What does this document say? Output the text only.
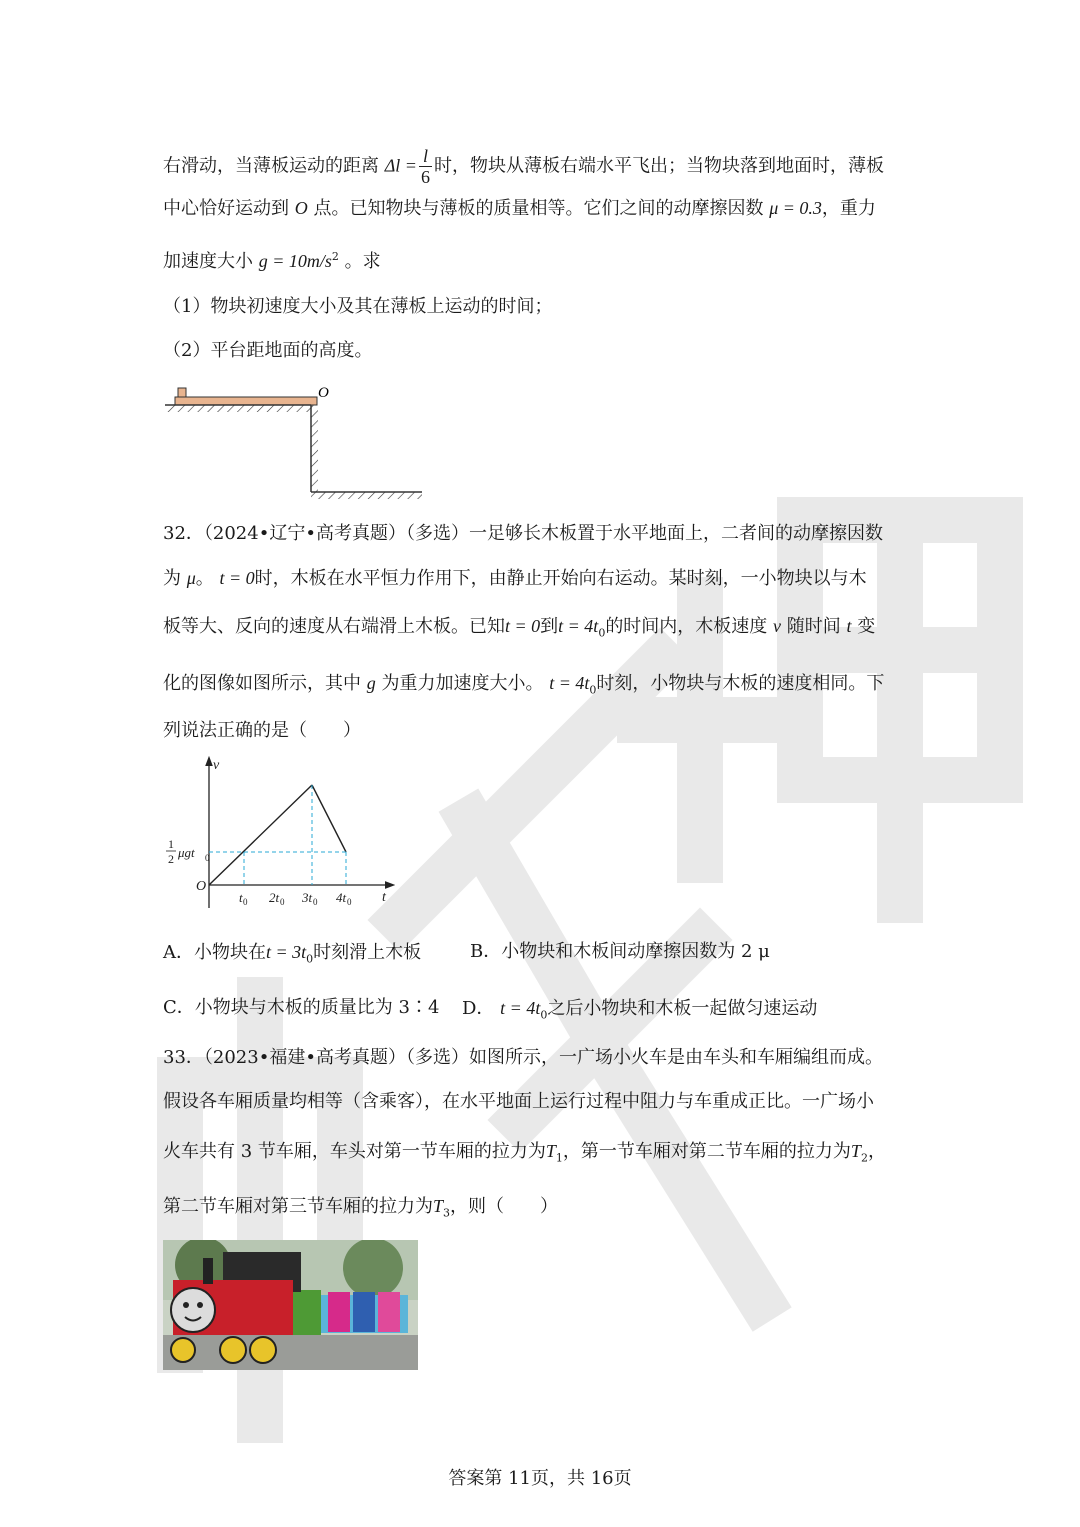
右滑动，当薄板运动的距离 $\Delta l = \frac{l}{6}$ 时，物块从薄板右端水平飞出；当物块落到地面时，薄板
中心恰好运动到 O 点。已知物块与薄板的质量相等。它们之间的动摩擦因数 μ = 0.3，重力
加速度大小 $g = 10m/s^2$ 。求
（1）物块初速度大小及其在薄板上运动的时间；
（2）平台距地面的高度。
O
32．（2024•辽宁•高考真题）（多选）一足够长木板置于水平地面上，二者间的动摩擦因数
为 μ。 t = 0时，木板在水平恒力作用下，由静止开始向右运动。某时刻，一小物块以与木
板等大、反向的速度从右端滑上木板。已知t = 0到$t = 4t_0$的时间内，木板速度 v 随时间 t 变
化的图像如图所示，其中 g 为重力加速度大小。 $t = 4t_0$时刻，小物块与木板的速度相同。下
列说法正确的是（　　）
v
t
O
1
2 μgt 0
t 0 2t 0 3t 0 4t 0
A．小物块在$t = 3t_0$时刻滑上木板	B．小物块和木板间动摩擦因数为 2 μ
C．小物块与木板的质量比为 3∶4 D． $t = 4t_0$之后小物块和木板一起做匀速运动
33．（2023•福建•高考真题）（多选）如图所示，一广场小火车是由车头和车厢编组而成。
假设各车厢质量均相等（含乘客），在水平地面上运行过程中阻力与车重成正比。一广场小
火车共有 3 节车厢，车头对第一节车厢的拉力为$T_1$，第一节车厢对第二节车厢的拉力为$T_2$，
第二节车厢对第三节车厢的拉力为$T_3$，则（　　）
答案第 11页，共 16页
